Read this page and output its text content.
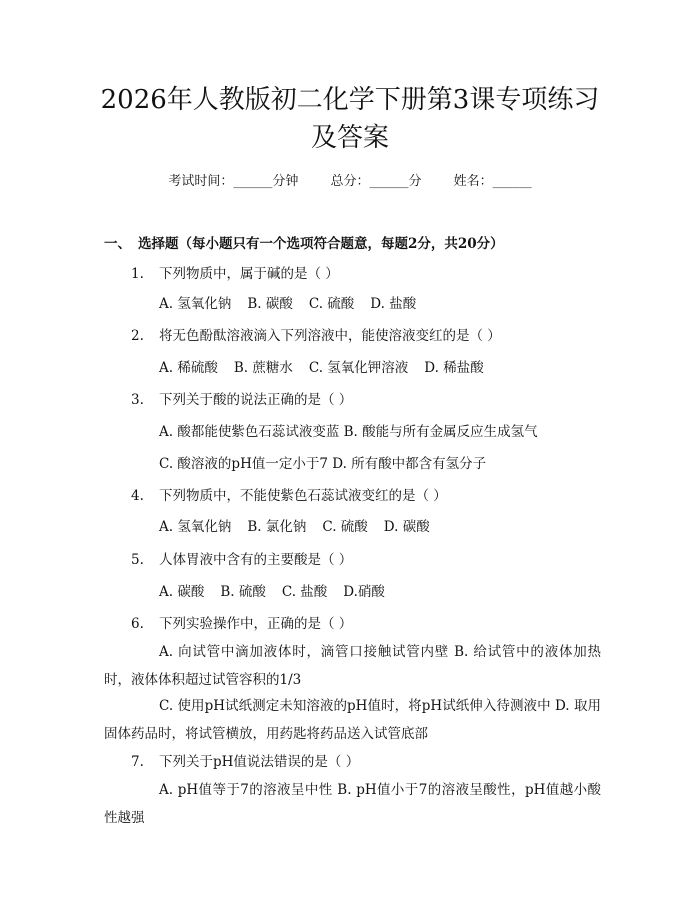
2026年人教版初二化学下册第3课专项练习
及答案
考试时间：______分钟 总分：______分 姓名：______
一、 选择题（每小题只有一个选项符合题意，每题2分，共20分）
1. 下列物质中，属于碱的是（ ）
A. 氢氧化钠 B. 碳酸 C. 硫酸 D. 盐酸
2. 将无色酚酞溶液滴入下列溶液中，能使溶液变红的是（ ）
A. 稀硫酸 B. 蔗糖水 C. 氢氧化钾溶液 D. 稀盐酸
3. 下列关于酸的说法正确的是（ ）
A. 酸都能使紫色石蕊试液变蓝 B. 酸能与所有金属反应生成氢气
C. 酸溶液的pH值一定小于7 D. 所有酸中都含有氢分子
4. 下列物质中，不能使紫色石蕊试液变红的是（ ）
A. 氢氧化钠 B. 氯化钠 C. 硫酸 D. 碳酸
5. 人体胃液中含有的主要酸是（ ）
A. 碳酸 B. 硫酸 C. 盐酸 D.硝酸
6. 下列实验操作中，正确的是（ ）
A. 向试管中滴加液体时，滴管口接触试管内壁 B. 给试管中的液体加热时，液体体积超过试管容积的1/3
C. 使用pH试纸测定未知溶液的pH值时，将pH试纸伸入待测液中 D. 取用固体药品时，将试管横放，用药匙将药品送入试管底部
7. 下列关于pH值说法错误的是（ ）
A. pH值等于7的溶液呈中性 B. pH值小于7的溶液呈酸性，pH值越小酸性越强
